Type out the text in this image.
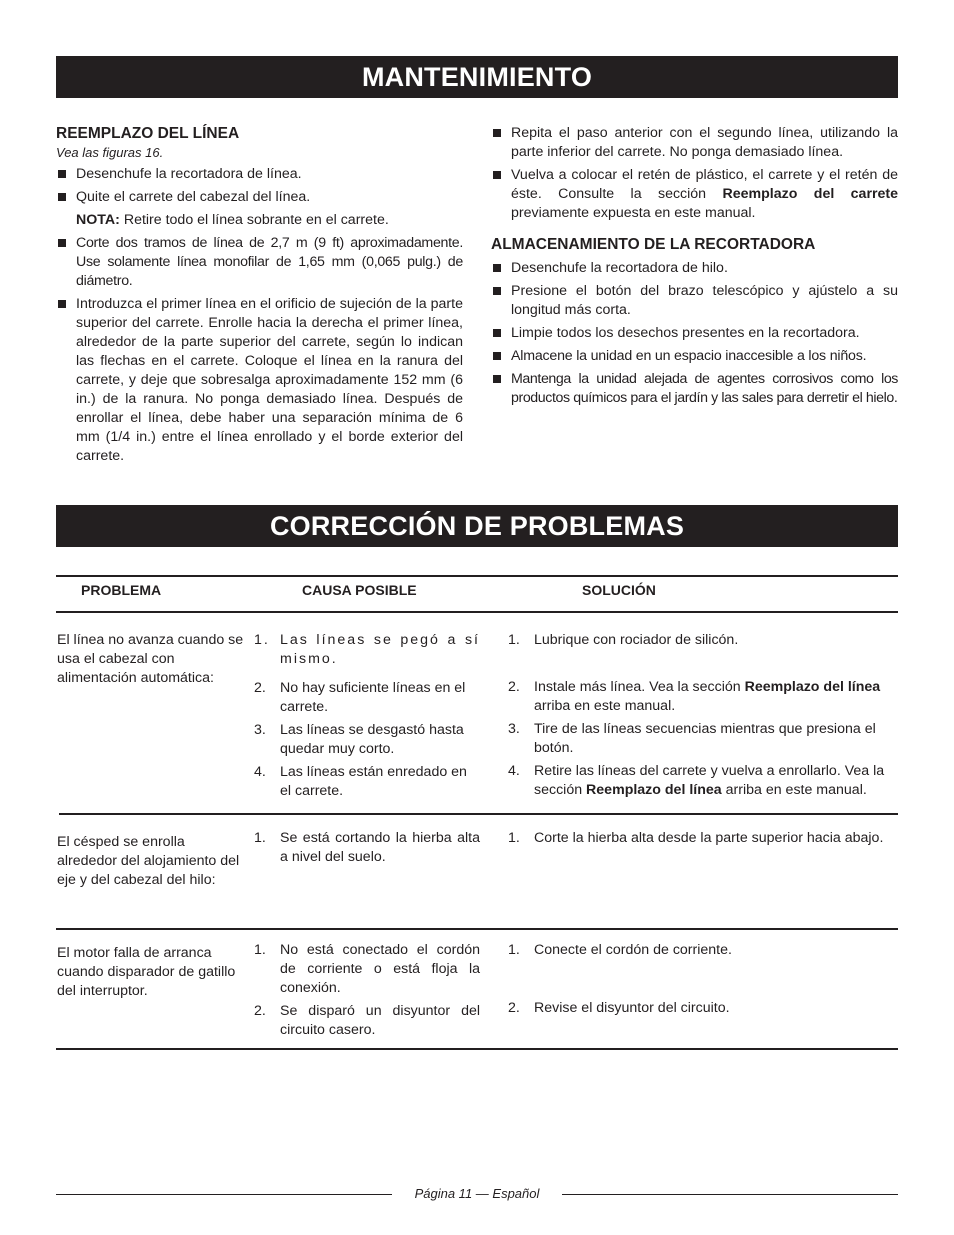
MANTENIMIENTO
REEMPLAZO DEL LÍNEA
Vea las figuras 16.
Desenchufe la recortadora de línea.
Quite el carrete del cabezal del línea.
NOTA: Retire todo el línea sobrante en el carrete.
Corte dos tramos de línea de 2,7 m (9 ft) aproximadamente. Use solamente línea monofilar de 1,65 mm (0,065 pulg.) de diámetro.
Introduzca el primer línea en el orificio de sujeción de la parte superior del carrete. Enrolle hacia la derecha el primer línea, alrededor de la parte superior del carrete, según lo indican las flechas en el carrete. Coloque el línea en la ranura del carrete, y deje que sobresalga aproximadamente 152 mm (6 in.) de la ranura. No ponga demasiado línea. Después de enrollar el línea, debe haber una separación mínima de 6 mm (1/4 in.) entre el línea enrollado y el borde exterior del carrete.
Repita el paso anterior con el segundo línea, utilizando la parte inferior del carrete. No ponga demasiado línea.
Vuelva a colocar el retén de plástico, el carrete y el retén de éste. Consulte la sección Reemplazo del carrete previamente expuesta en este manual.
ALMACENAMIENTO DE LA RECORTADORA
Desenchufe la recortadora de hilo.
Presione el botón del brazo telescópico y ajústelo a su longitud más corta.
Limpie todos los desechos presentes en la recortadora.
Almacene la unidad en un espacio inaccesible a los niños.
Mantenga la unidad alejada de agentes corrosivos como los productos químicos para el jardín y las sales para derretir el hielo.
CORRECCIÓN DE PROBLEMAS
PROBLEMA	CAUSA POSIBLE	SOLUCIÓN
El línea no avanza cuando se usa el cabezal con alimentación automática:
1. Las líneas se pegó a sí mismo.
2. No hay suficiente líneas en el carrete.
3. Las líneas se desgastó hasta quedar muy corto.
4. Las líneas están enredado en el carrete.
1. Lubrique con rociador de silicón.
2. Instale más línea. Vea la sección Reemplazo del línea arriba en este manual.
3. Tire de las líneas secuencias mientras que presiona el botón.
4. Retire las líneas del carrete y vuelva a enrollarlo. Vea la sección Reemplazo del línea arriba en este manual.
El césped se enrolla alrededor del alojamiento del eje y del cabezal del hilo:
1. Se está cortando la hierba alta a nivel del suelo.
1. Corte la hierba alta desde la parte superior hacia abajo.
El motor falla de arranca cuando disparador de gatillo del interruptor.
1. No está conectado el cordón de corriente o está floja la conexión.
2. Se disparó un disyuntor del circuito casero.
1. Conecte el cordón de corriente.
2. Revise el disyuntor del circuito.
Página 11 — Español
